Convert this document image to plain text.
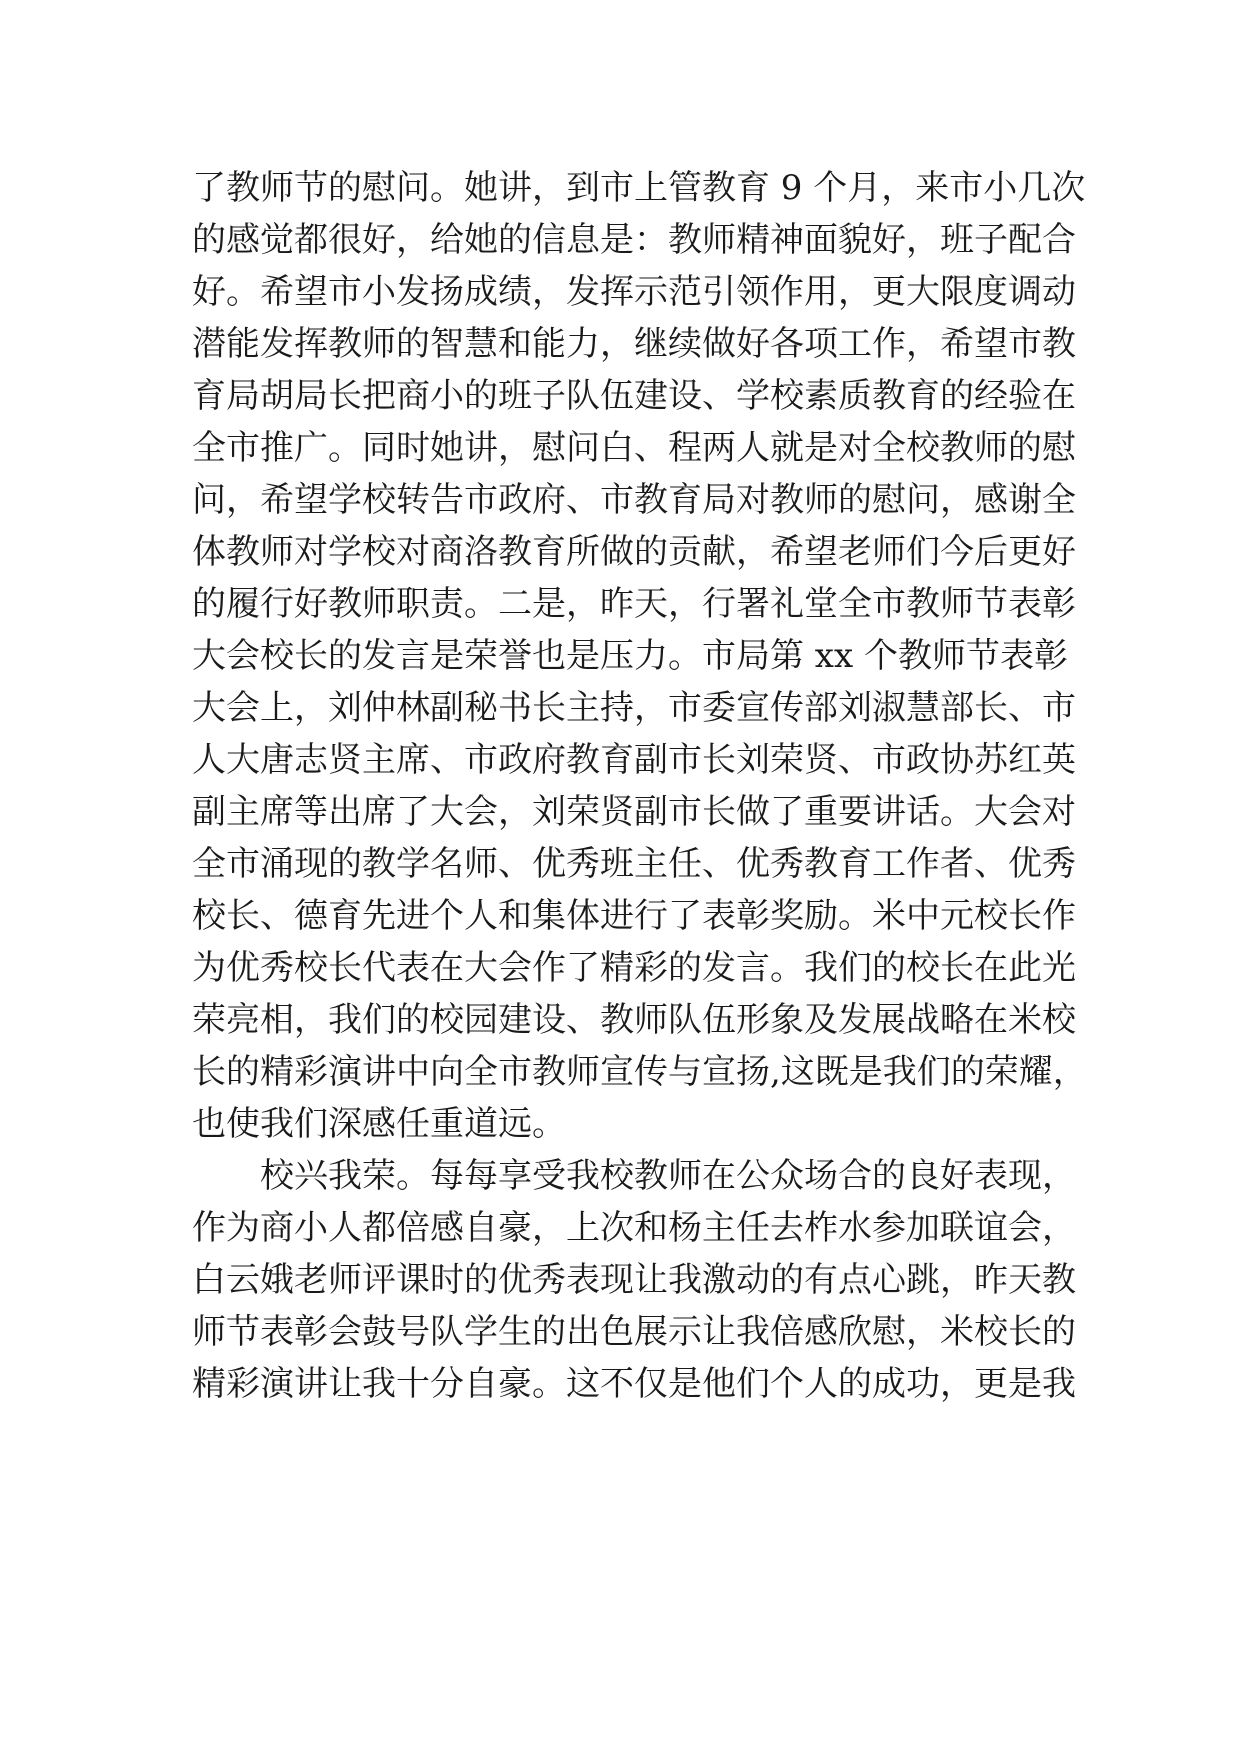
了教师节的慰问。她讲，到市上管教育 9 个月，来市小几次
的感觉都很好，给她的信息是：教师精神面貌好，班子配合
好。希望市小发扬成绩，发挥示范引领作用，更大限度调动
潜能发挥教师的智慧和能力，继续做好各项工作，希望市教
育局胡局长把商小的班子队伍建设、学校素质教育的经验在
全市推广。同时她讲，慰问白、程两人就是对全校教师的慰
问，希望学校转告市政府、市教育局对教师的慰问，感谢全
体教师对学校对商洛教育所做的贡献，希望老师们今后更好
的履行好教师职责。二是，昨天，行署礼堂全市教师节表彰
大会校长的发言是荣誉也是压力。市局第 xx 个教师节表彰
大会上，刘仲林副秘书长主持，市委宣传部刘淑慧部长、市
人大唐志贤主席、市政府教育副市长刘荣贤、市政协苏红英
副主席等出席了大会，刘荣贤副市长做了重要讲话。大会对
全市涌现的教学名师、优秀班主任、优秀教育工作者、优秀
校长、德育先进个人和集体进行了表彰奖励。米中元校长作
为优秀校长代表在大会作了精彩的发言。我们的校长在此光
荣亮相，我们的校园建设、教师队伍形象及发展战略在米校
长的精彩演讲中向全市教师宣传与宣扬,这既是我们的荣耀，
也使我们深感任重道远。
校兴我荣。每每享受我校教师在公众场合的良好表现，
作为商小人都倍感自豪，上次和杨主任去柞水参加联谊会，
白云娥老师评课时的优秀表现让我激动的有点心跳，昨天教
师节表彰会鼓号队学生的出色展示让我倍感欣慰，米校长的
精彩演讲让我十分自豪。这不仅是他们个人的成功，更是我
